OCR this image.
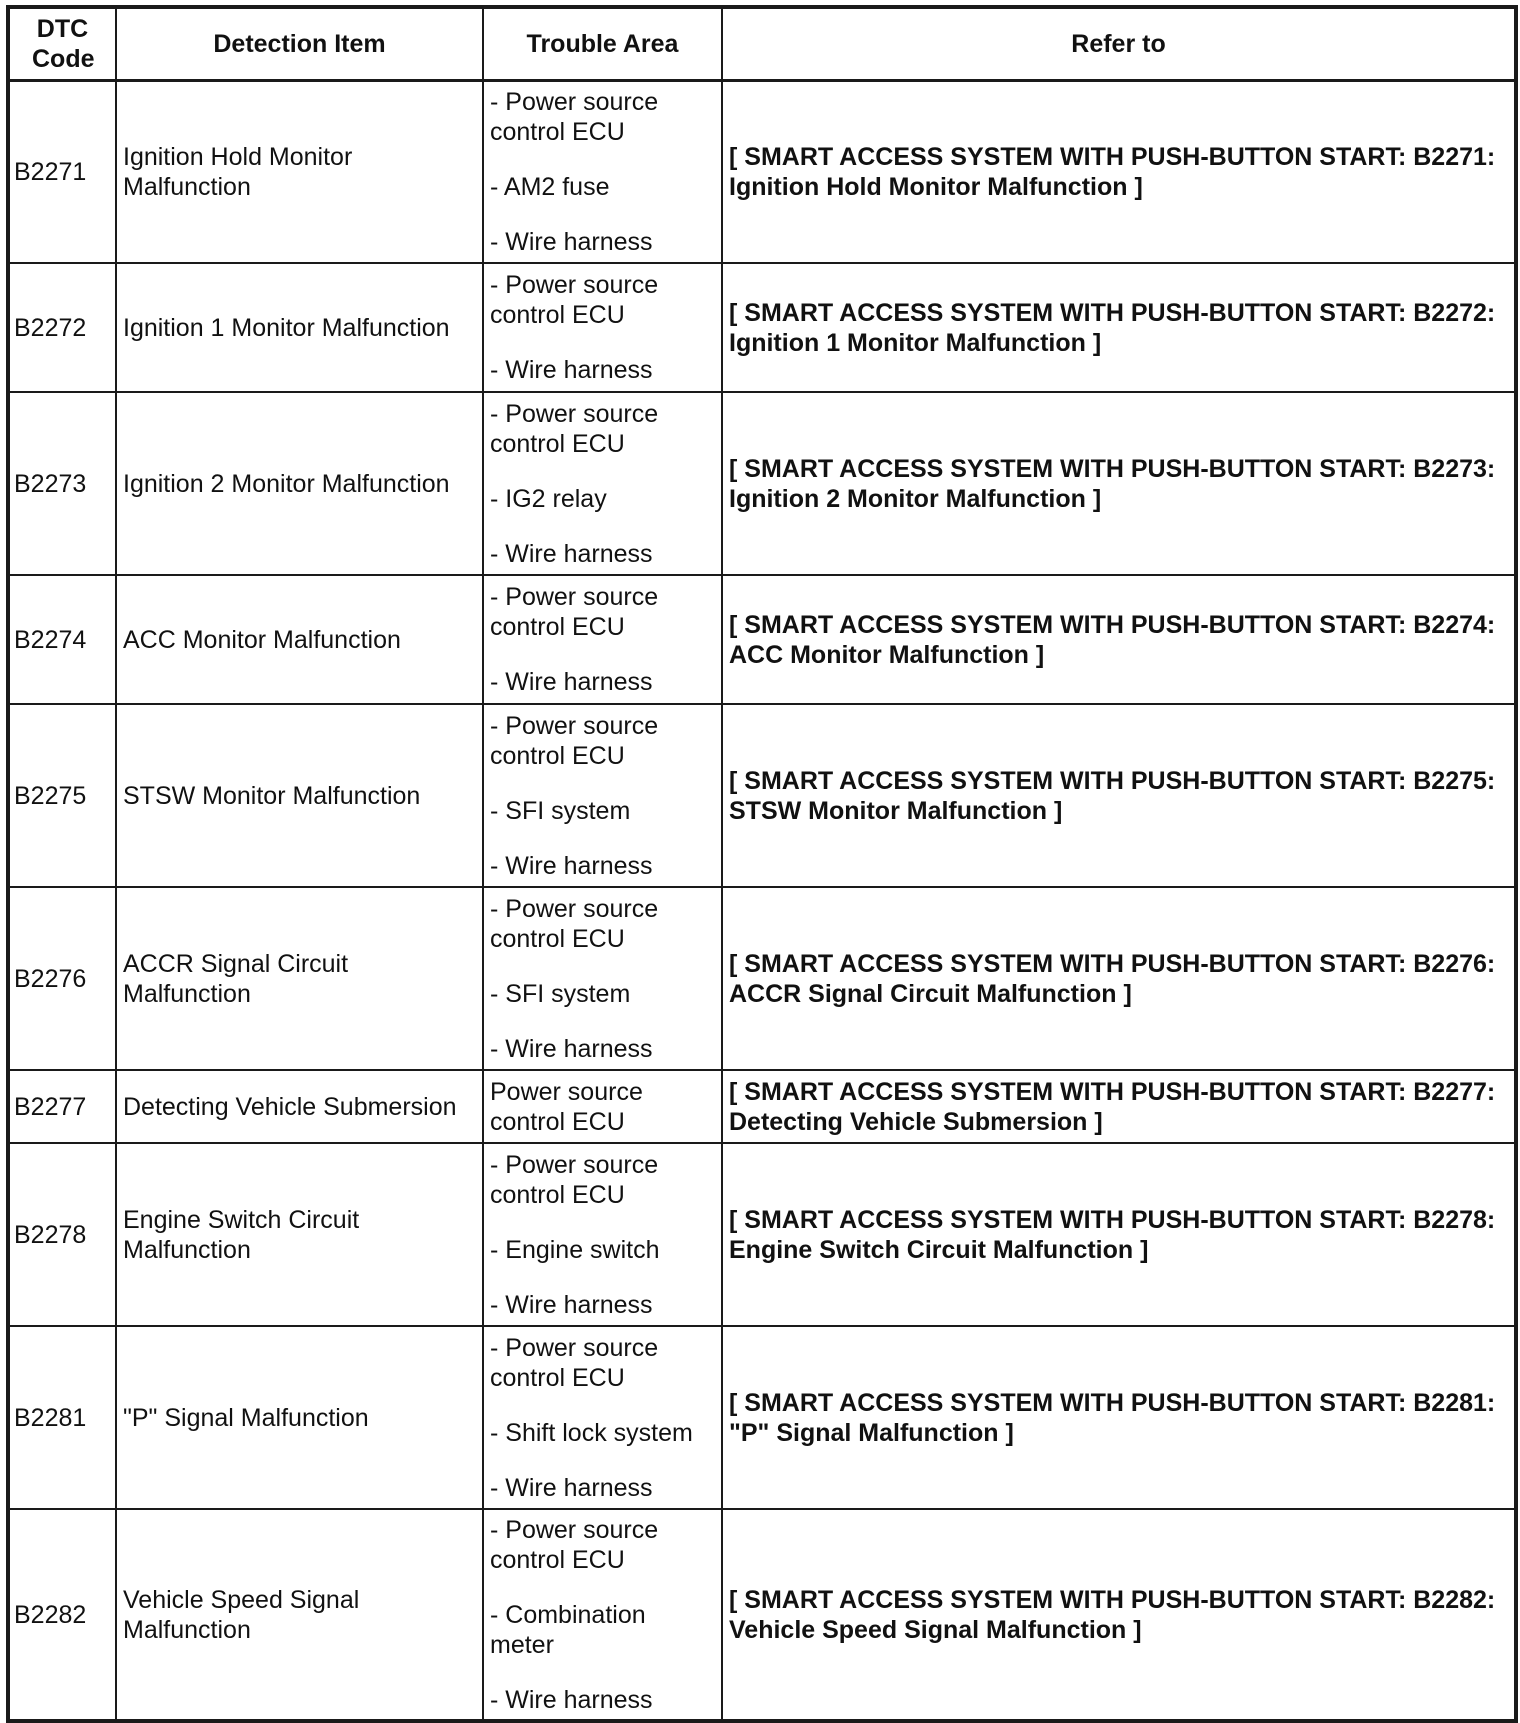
DTC Code	Detection Item	Trouble Area	Refer to
B2271	Ignition Hold Monitor Malfunction	- Power source control ECU
- AM2 fuse
- Wire harness	[ SMART ACCESS SYSTEM WITH PUSH-BUTTON START: B2271: Ignition Hold Monitor Malfunction ]
B2272	Ignition 1 Monitor Malfunction	- Power source control ECU
- Wire harness	[ SMART ACCESS SYSTEM WITH PUSH-BUTTON START: B2272: Ignition 1 Monitor Malfunction ]
B2273	Ignition 2 Monitor Malfunction	- Power source control ECU
- IG2 relay
- Wire harness	[ SMART ACCESS SYSTEM WITH PUSH-BUTTON START: B2273: Ignition 2 Monitor Malfunction ]
B2274	ACC Monitor Malfunction	- Power source control ECU
- Wire harness	[ SMART ACCESS SYSTEM WITH PUSH-BUTTON START: B2274: ACC Monitor Malfunction ]
B2275	STSW Monitor Malfunction	- Power source control ECU
- SFI system
- Wire harness	[ SMART ACCESS SYSTEM WITH PUSH-BUTTON START: B2275: STSW Monitor Malfunction ]
B2276	ACCR Signal Circuit Malfunction	- Power source control ECU
- SFI system
- Wire harness	[ SMART ACCESS SYSTEM WITH PUSH-BUTTON START: B2276: ACCR Signal Circuit Malfunction ]
B2277	Detecting Vehicle Submersion	Power source control ECU	[ SMART ACCESS SYSTEM WITH PUSH-BUTTON START: B2277: Detecting Vehicle Submersion ]
B2278	Engine Switch Circuit Malfunction	- Power source control ECU
- Engine switch
- Wire harness	[ SMART ACCESS SYSTEM WITH PUSH-BUTTON START: B2278: Engine Switch Circuit Malfunction ]
B2281	"P" Signal Malfunction	- Power source control ECU
- Shift lock system
- Wire harness	[ SMART ACCESS SYSTEM WITH PUSH-BUTTON START: B2281: "P" Signal Malfunction ]
B2282	Vehicle Speed Signal Malfunction	- Power source control ECU
- Combination meter
- Wire harness	[ SMART ACCESS SYSTEM WITH PUSH-BUTTON START: B2282: Vehicle Speed Signal Malfunction ]
